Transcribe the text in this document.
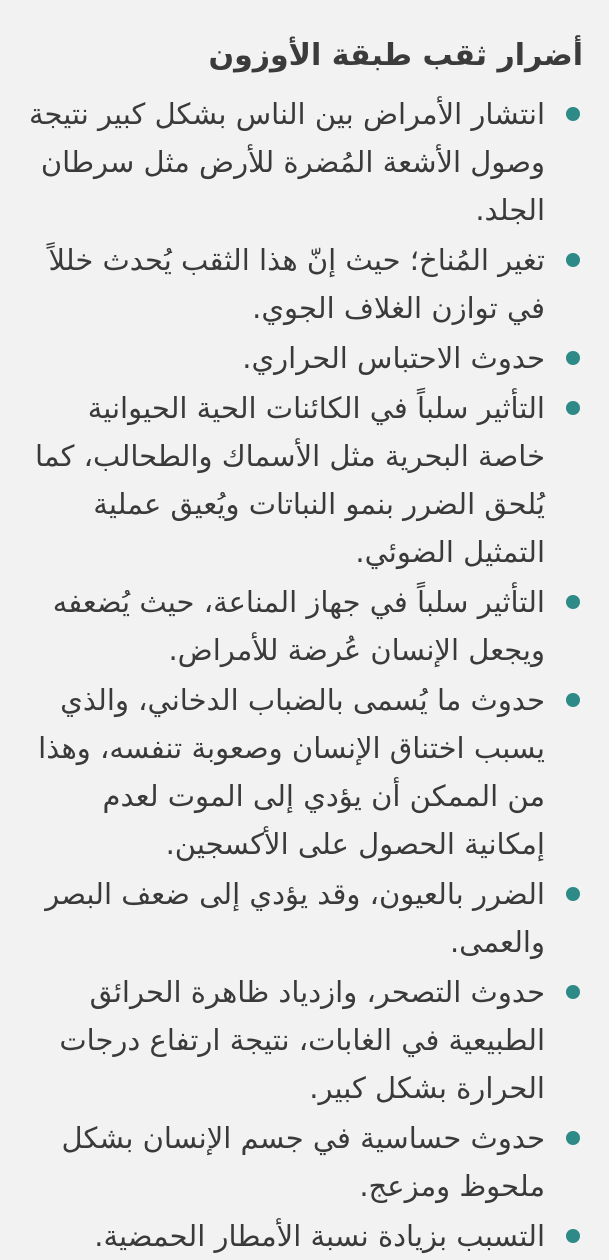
أضرار ثقب طبقة الأوزون
انتشار الأمراض بين الناس بشكل كبير نتيجة وصول الأشعة المُضرة للأرض مثل سرطان الجلد.
تغير المُناخ؛ حيث إنّ هذا الثقب يُحدث خللاً في توازن الغلاف الجوي.
حدوث الاحتباس الحراري.
التأثير سلباً في الكائنات الحية الحيوانية خاصة البحرية مثل الأسماك والطحالب، كما يُلحق الضرر بنمو النباتات ويُعيق عملية التمثيل الضوئي.
التأثير سلباً في جهاز المناعة، حيث يُضعفه ويجعل الإنسان عُرضة للأمراض.
حدوث ما يُسمى بالضباب الدخاني، والذي يسبب اختناق الإنسان وصعوبة تنفسه، وهذا من الممكن أن يؤدي إلى الموت لعدم إمكانية الحصول على الأكسجين.
الضرر بالعيون، وقد يؤدي إلى ضعف البصر والعمى.
حدوث التصحر، وازدياد ظاهرة الحرائق الطبيعية في الغابات، نتيجة ارتفاع درجات الحرارة بشكل كبير.
حدوث حساسية في جسم الإنسان بشكل ملحوظ ومزعج.
التسبب بزيادة نسبة الأمطار الحمضية.
